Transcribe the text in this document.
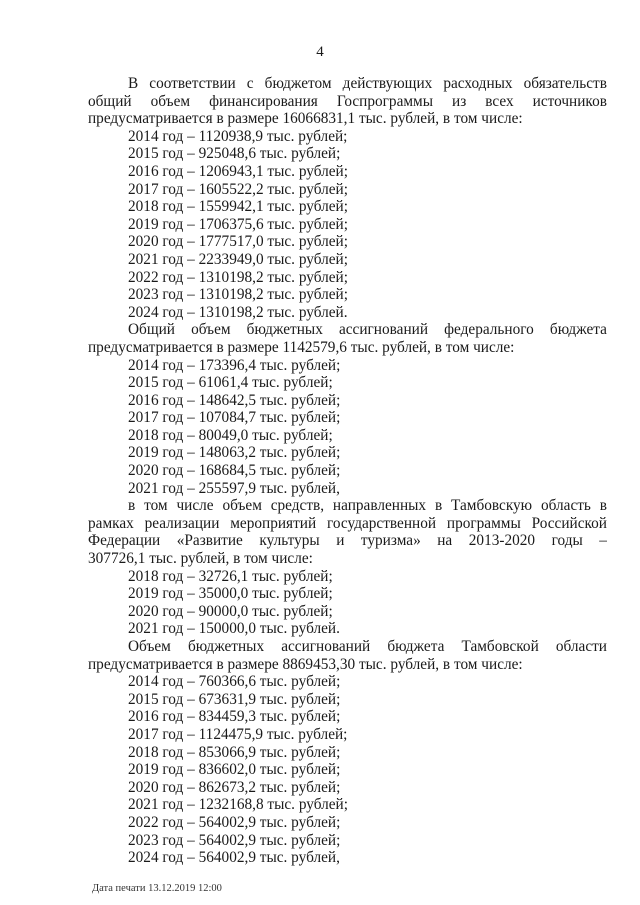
4
В соответствии с бюджетом действующих расходных обязательств
общий объем финансирования Госпрограммы из всех источников
предусматривается в размере 16066831,1 тыс. рублей, в том числе:
2014 год – 1120938,9 тыс. рублей;
2015 год – 925048,6 тыс. рублей;
2016 год – 1206943,1 тыс. рублей;
2017 год – 1605522,2 тыс. рублей;
2018 год – 1559942,1 тыс. рублей;
2019 год – 1706375,6 тыс. рублей;
2020 год – 1777517,0 тыс. рублей;
2021 год – 2233949,0 тыс. рублей;
2022 год – 1310198,2 тыс. рублей;
2023 год – 1310198,2 тыс. рублей;
2024 год – 1310198,2 тыс. рублей.
Общий объем бюджетных ассигнований федерального бюджета
предусматривается в размере 1142579,6 тыс. рублей, в том числе:
2014 год – 173396,4 тыс. рублей;
2015 год – 61061,4 тыс. рублей;
2016 год – 148642,5 тыс. рублей;
2017 год – 107084,7 тыс. рублей;
2018 год – 80049,0 тыс. рублей;
2019 год – 148063,2 тыс. рублей;
2020 год – 168684,5 тыс. рублей;
2021 год – 255597,9 тыс. рублей,
в том числе объем средств, направленных в Тамбовскую область в
рамках реализации мероприятий государственной программы Российской
Федерации «Развитие культуры и туризма» на 2013-2020 годы –
307726,1 тыс. рублей, в том числе:
2018 год – 32726,1 тыс. рублей;
2019 год – 35000,0 тыс. рублей;
2020 год – 90000,0 тыс. рублей;
2021 год – 150000,0 тыс. рублей.
Объем бюджетных ассигнований бюджета Тамбовской области
предусматривается в размере 8869453,30 тыс. рублей, в том числе:
2014 год – 760366,6 тыс. рублей;
2015 год – 673631,9 тыс. рублей;
2016 год – 834459,3 тыс. рублей;
2017 год – 1124475,9 тыс. рублей;
2018 год – 853066,9 тыс. рублей;
2019 год – 836602,0 тыс. рублей;
2020 год – 862673,2 тыс. рублей;
2021 год – 1232168,8 тыс. рублей;
2022 год – 564002,9 тыс. рублей;
2023 год – 564002,9 тыс. рублей;
2024 год – 564002,9 тыс. рублей,
Дата печати 13.12.2019 12:00
